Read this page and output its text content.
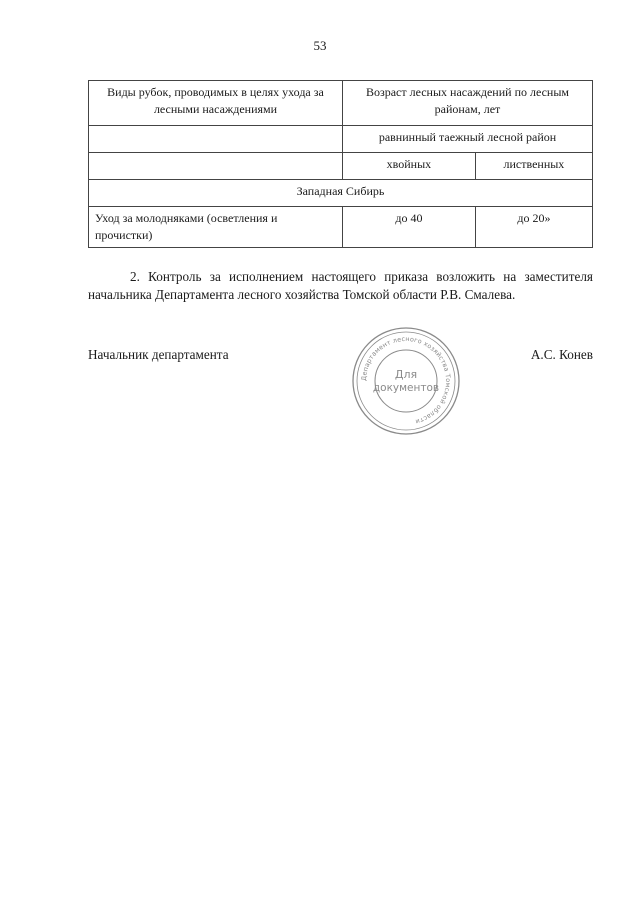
53
Виды рубок, проводимых в целях ухода за лесными насаждениями	Возраст лесных насаждений по лесным районам, лет	
	равнинный таежный лесной район	
	хвойных	лиственных
Западная Сибирь		
Уход за молодняками (осветления и прочистки)	до 40	до 20»

2. Контроль за исполнением настоящего приказа возложить на заместителя начальника Департамента лесного хозяйства Томской области Р.В. Смалева.

Начальник департамента	А.С. Конев
Департамент лесного хозяйства Томской области
Для
документов
